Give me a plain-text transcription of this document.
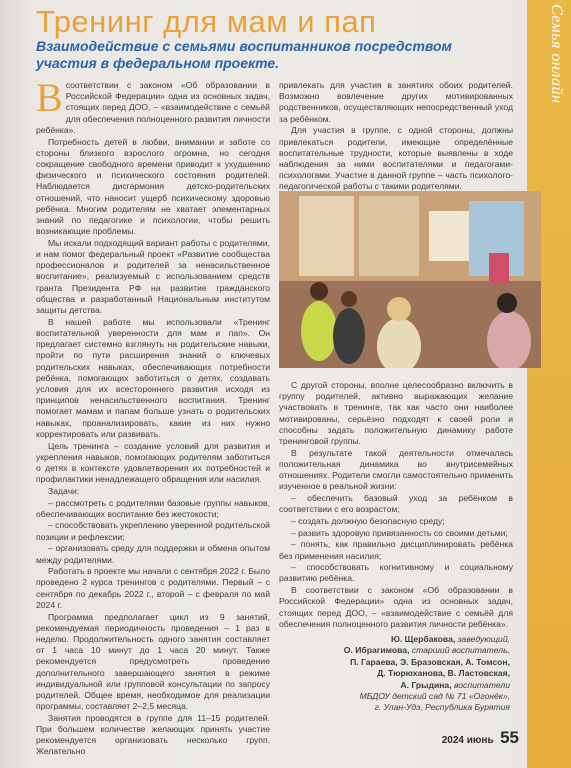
Семья онлайн
Тренинг для мам и пап
Взаимодействие с семьями воспитанников посредством участия в федеральном проекте.

Всоответствии с законом «Об образовании в Российской Федерации» одна из основных задач, стоящих перед ДОО, – «взаимодействие с семьёй для обеспечения полноценного развития личности ребёнка».

Потребность детей в любви, внимании и заботе со стороны близкого взрослого огромна, но сегодня сокращение свободного времени приводит к ухудшению физического и психического состояния родителей. Наблюдается дисгармония детско-родительских отношений, что наносит ущерб психическому здоровью ребёнка. Многим родителям не хватает элементарных знаний по педагогике и психологии, чтобы решить возникающие проблемы.

Мы искали подходящий вариант работы с родителями, и нам помог федеральный проект «Развитие сообщества профессионалов и родителей за ненасильственное воспитание», реализуемый с использованием средств гранта Президента РФ на развитие гражданского общества и разработанный Национальным институтом защиты детства.

В нашей работе мы использовали «Тренинг воспитательной уверенности для мам и пап». Он предлагает системно взглянуть на родительские навыки, пройти по пути расширения знаний о ключевых родительских навыках, обеспечивающих потребности ребёнка, помогающих заботиться о детях, создавать условия для их всестороннего развития исходя из принципов ненасильственного воспитания. Тренинг помогает мамам и папам больше узнать о родительских навыках, проанализировать, какие из них нужно корректировать или развивать.

Цель тренинга – создание условий для развития и укрепления навыков, помогающих родителям заботиться о детях в контексте удовлетворения их потребностей и профилактики ненадлежащего обращения или насилия.

Задачи:

– рассмотреть с родителями базовые группы навыков, обеспечивающих воспитание без жестокости;

– способствовать укреплению уверенной родительской позиции и рефлексии;

– организовать среду для поддержки и обмена опытом между родителями.

Работать в проекте мы начали с сентября 2022 г. Было проведено 2 курса тренингов с родителями. Первый – с сентября по декабрь 2022 г., второй – с февраля по май 2024 г.

Программа предполагает цикл из 9 занятий, рекомендуемая периодичность проведения – 1 раз в неделю. Продолжительность одного занятия составляет от 1 часа 10 минут до 1 часа 20 минут. Также рекомендуется предусмотреть проведение дополнительного завершающего занятия в режиме индивидуальной или групповой консультации по запросу родителей. Общее время, необходимое для реализации программы, составляет 2–2,5 месяца.

Занятия проводятся в группе для 11–15 родителей. При большем количестве желающих принять участие рекомендуется организовать несколько групп. Желательно

привлекать для участия в занятиях обоих родителей. Возможно вовлечение других мотивированных родственников, осуществляющих непосредственный уход за ребёнком.

Для участия в группе, с одной стороны, должны привлекаться родители, имеющие определённые воспитательные трудности, которые выявлены в ходе наблюдения за ними воспитателями и педагогами-психологами. Участие в данной группе – часть психолого-педагогической работы с такими родителями.

С другой стороны, вполне целесообразно включить в группу родителей, активно выражающих желание участвовать в тренинге, так как часто они наиболее мотивированы, серьёзно подходят к своей роли и способны задать положительную динамику работе тренинговой группы.

В результате такой деятельности отмечалась положительная динамика во внутрисемейных отношениях. Родители смогли самостоятельно применить изученное в реальной жизни:

– обеспечить базовый уход за ребёнком в соответствии с его возрастом;

– создать должную безопасную среду;

– развить здоровую привязанность со своими детьми;

– понять, как правильно дисциплинировать ребёнка без применения насилия;

– способствовать когнитивному и социальному развитию ребёнка.

В соответствии с законом «Об образовании в Российской Федерации» одна из основных задач, стоящих перед ДОО, – «взаимодействие с семьёй для обеспечения полноценного развития личности ребёнка».

Ю. Щербакова, заведующий,
О. Ибрагимова, старший воспитатель,
П. Гараева, Э. Бразовская, А. Томсон,
Д. Тюрюханова, В. Ластовская,
А. Грыдина, воспитатели
МБДОУ детский сад № 71 «Огонёк»,
г. Улан-Удэ, Республика Бурятия
2024 июнь 55
